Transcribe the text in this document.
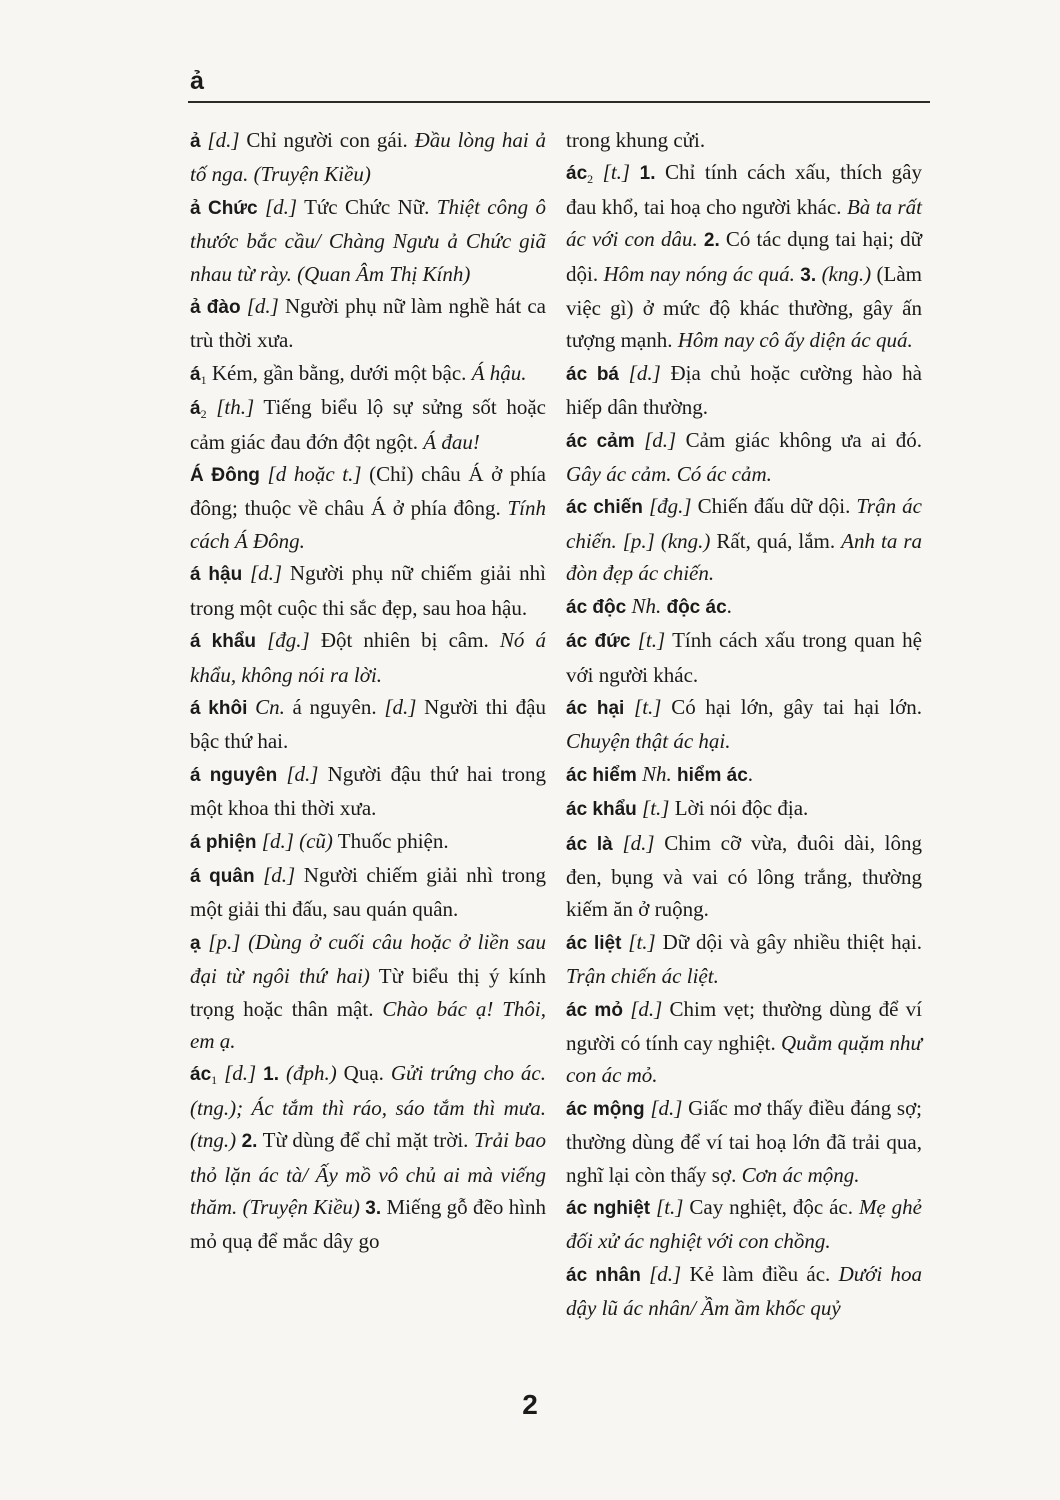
ả

ả [d.] Chỉ người con gái. Đầu lòng hai ả tố nga. (Truyện Kiều)

ả Chức [d.] Tức Chức Nữ. Thiệt công ô thước bắc cầu/ Chàng Ngưu ả Chức giã nhau từ rày. (Quan Âm Thị Kính)

ả đào [d.] Người phụ nữ làm nghề hát ca trù thời xưa.

$á_1$ Kém, gần bằng, dưới một bậc. Á hậu.

$á_2$ [th.] Tiếng biểu lộ sự sửng sốt hoặc cảm giác đau đớn đột ngột. Á đau!

Á Đông [d hoặc t.] (Chỉ) châu Á ở phía đông; thuộc về châu Á ở phía đông. Tính cách Á Đông.

á hậu [d.] Người phụ nữ chiếm giải nhì trong một cuộc thi sắc đẹp, sau hoa hậu.

á khẩu [đg.] Đột nhiên bị câm. Nó á khẩu, không nói ra lời.

á khôi Cn. á nguyên. [d.] Người thi đậu bậc thứ hai.

á nguyên [d.] Người đậu thứ hai trong một khoa thi thời xưa.

á phiện [d.] (cũ) Thuốc phiện.

á quân [d.] Người chiếm giải nhì trong một giải thi đấu, sau quán quân.

ạ [p.] (Dùng ở cuối câu hoặc ở liền sau đại từ ngôi thứ hai) Từ biểu thị ý kính trọng hoặc thân mật. Chào bác ạ! Thôi, em ạ.

$ác_1$ [d.] 1. (đph.) Quạ. Gửi trứng cho ác. (tng.); Ác tắm thì ráo, sáo tắm thì mưa. (tng.) 2. Từ dùng để chỉ mặt trời. Trải bao thỏ lặn ác tà/ Ấy mồ vô chủ ai mà viếng thăm. (Truyện Kiều) 3. Miếng gỗ đẽo hình mỏ quạ để mắc dây go

trong khung cửi.

$ác_2$ [t.] 1. Chỉ tính cách xấu, thích gây đau khổ, tai hoạ cho người khác. Bà ta rất ác với con dâu. 2. Có tác dụng tai hại; dữ dội. Hôm nay nóng ác quá. 3. (kng.) (Làm việc gì) ở mức độ khác thường, gây ấn tượng mạnh. Hôm nay cô ấy diện ác quá.

ác bá [d.] Địa chủ hoặc cường hào hà hiếp dân thường.

ác cảm [d.] Cảm giác không ưa ai đó. Gây ác cảm. Có ác cảm.

ác chiến [đg.] Chiến đấu dữ dội. Trận ác chiến. [p.] (kng.) Rất, quá, lắm. Anh ta ra đòn đẹp ác chiến.

ác độc Nh. độc ác.

ác đức [t.] Tính cách xấu trong quan hệ với người khác.

ác hại [t.] Có hại lớn, gây tai hại lớn. Chuyện thật ác hại.

ác hiểm Nh. hiểm ác.

ác khẩu [t.] Lời nói độc địa.

ác là [d.] Chim cỡ vừa, đuôi dài, lông đen, bụng và vai có lông trắng, thường kiếm ăn ở ruộng.

ác liệt [t.] Dữ dội và gây nhiều thiệt hại. Trận chiến ác liệt.

ác mỏ [d.] Chim vẹt; thường dùng để ví người có tính cay nghiệt. Quằm quặm như con ác mỏ.

ác mộng [d.] Giấc mơ thấy điều đáng sợ; thường dùng để ví tai hoạ lớn đã trải qua, nghĩ lại còn thấy sợ. Cơn ác mộng.

ác nghiệt [t.] Cay nghiệt, độc ác. Mẹ ghẻ đối xử ác nghiệt với con chồng.

ác nhân [d.] Kẻ làm điều ác. Dưới hoa dậy lũ ác nhân/ Ầm ầm khốc quỷ

2
